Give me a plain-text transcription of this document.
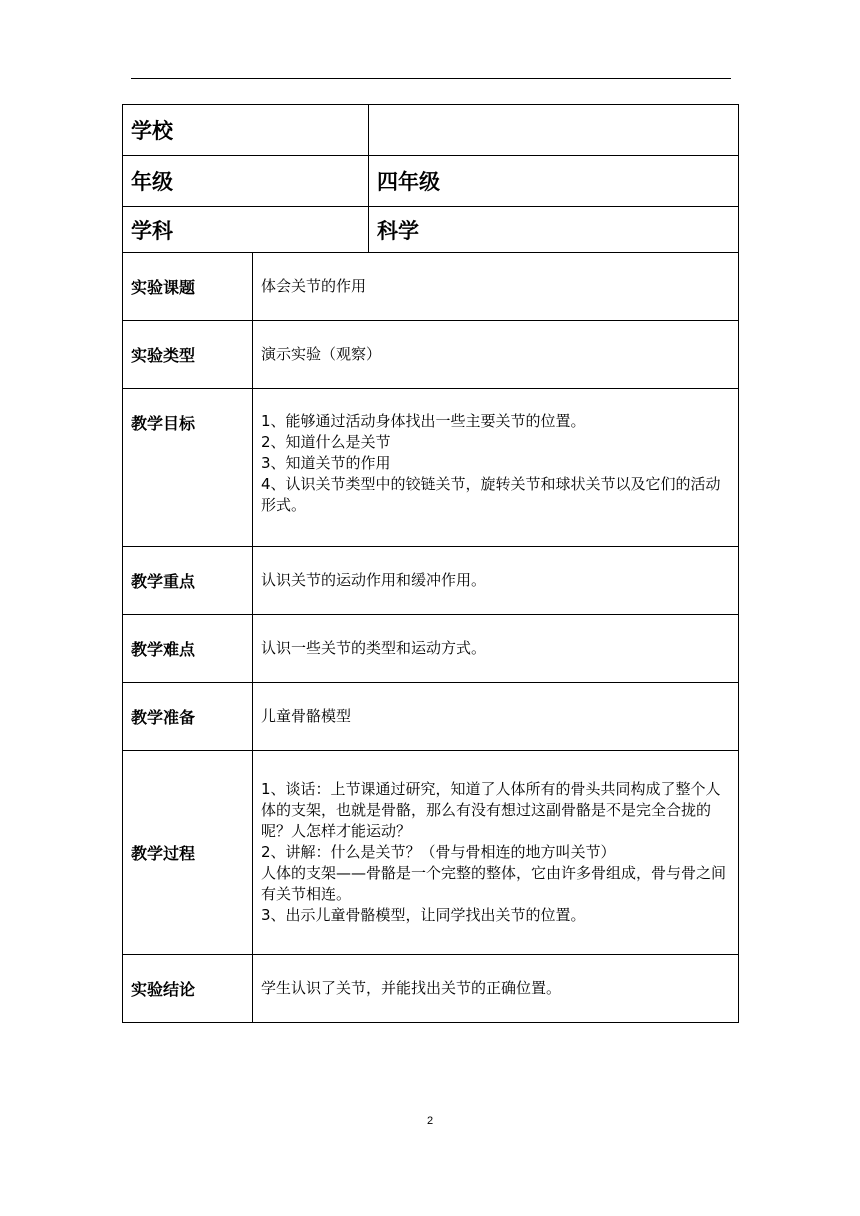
学校		
年级		四年级
学科		科学
实验课题	体会关节的作用	
实验类型	演示实验（观察）	
教学目标	1、能够通过活动身体找出一些主要关节的位置。
2、知道什么是关节
3、知道关节的作用
4、认识关节类型中的铰链关节，旋转关节和球状关节以及它们的活动形式。	

教学重点	认识关节的运动作用和缓冲作用。	
教学难点	认识一些关节的类型和运动方式。	
教学准备	儿童骨骼模型	
教学过程	1、谈话：上节课通过研究，知道了人体所有的骨头共同构成了整个人体的支架，也就是骨骼，那么有没有想过这副骨骼是不是完全合拢的呢？人怎样才能运动？
2、讲解：什么是关节？（骨与骨相连的地方叫关节）
人体的支架——骨骼是一个完整的整体，它由许多骨组成，骨与骨之间有关节相连。
3、出示儿童骨骼模型，让同学找出关节的位置。	

实验结论	学生认识了关节，并能找出关节的正确位置。	
2
